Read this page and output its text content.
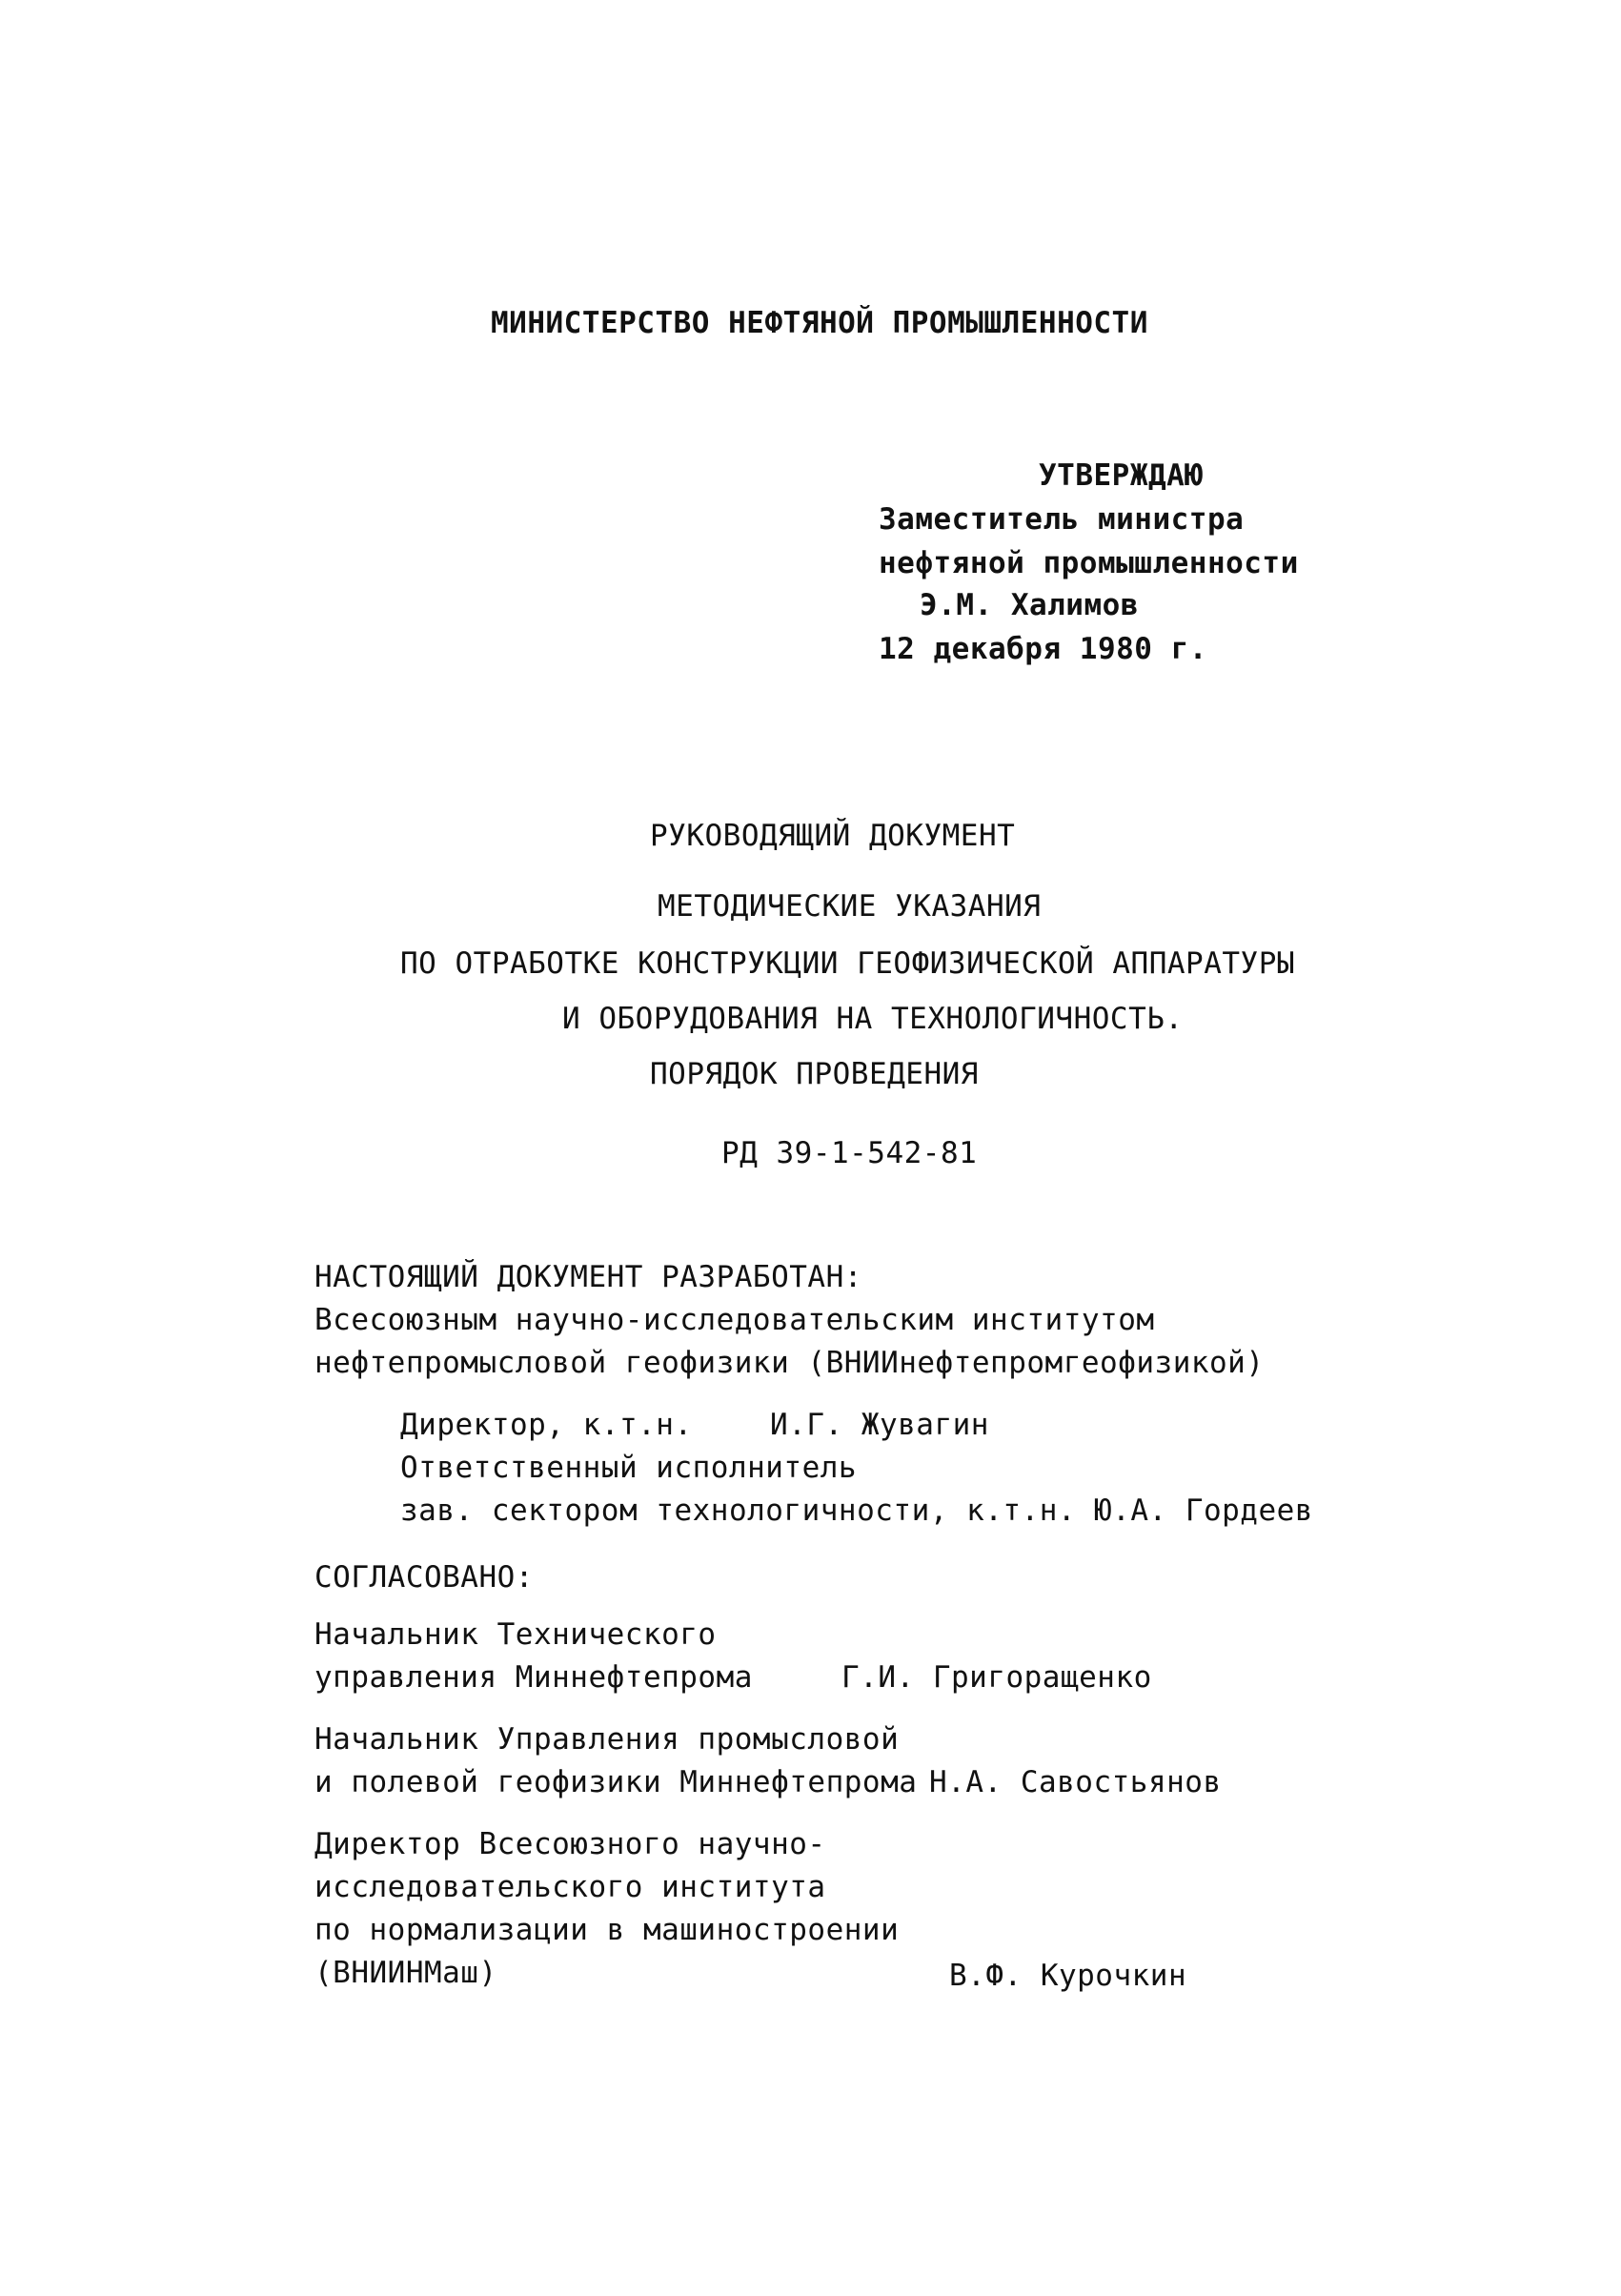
МИНИСТЕРСТВО НЕФТЯНОЙ ПРОМЫШЛЕННОСТИ
УТВЕРЖДАЮ
Заместитель министра
нефтяной промышленности
Э.М. Халимов
12 декабря 1980 г.
РУКОВОДЯЩИЙ ДОКУМЕНТ
МЕТОДИЧЕСКИЕ УКАЗАНИЯ
ПО ОТРАБОТКЕ КОНСТРУКЦИИ ГЕОФИЗИЧЕСКОЙ АППАРАТУРЫ
И ОБОРУДОВАНИЯ НА ТЕХНОЛОГИЧНОСТЬ.
ПОРЯДОК ПРОВЕДЕНИЯ
РД 39-1-542-81
НАСТОЯЩИЙ ДОКУМЕНТ РАЗРАБОТАН:
Всесоюзным научно-исследовательским институтом
нефтепромысловой геофизики (ВНИИнефтепромгеофизикой)
Директор, к.т.н.	И.Г. Жувагин
Ответственный исполнитель
зав. сектором технологичности, к.т.н. Ю.А. Гордеев
СОГЛАСОВАНО:
Начальник Технического
управления Миннефтепрома	Г.И. Григоращенко
Начальник Управления промысловой
и полевой геофизики Миннефтепрома Н.А. Савостьянов
Директор Всесоюзного научно-
исследовательского института
по нормализации в машиностроении
(ВНИИНМаш)	В.Ф. Курочкин
